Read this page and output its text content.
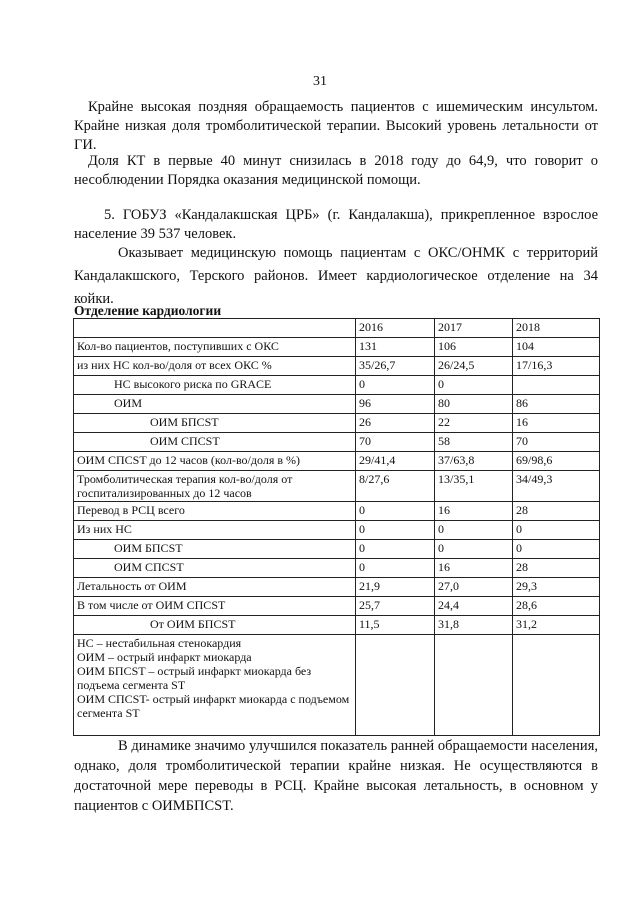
31

Крайне высокая поздняя обращаемость пациентов с ишемическим инсультом. Крайне низкая доля тромболитической терапии. Высокий уровень летальности от ГИ.

Доля КТ в первые 40 минут снизилась в 2018 году до 64,9, что говорит о несоблюдении Порядка оказания медицинской помощи.

5. ГОБУЗ «Кандалакшская ЦРБ» (г. Кандалакша), прикрепленное взрослое население 39 537 человек.

Оказывает медицинскую помощь пациентам с ОКС/ОНМК с территорий Кандалакшского, Терского районов. Имеет кардиологическое отделение на 34 койки.

Отделение кардиологии

	2016	2017	2018
Кол-во пациентов, поступивших с ОКС	131	106	104
из них НС кол-во/доля от всех ОКС %	35/26,7	26/24,5	17/16,3
НС высокого риска по GRACE	0	0	
ОИМ	96	80	86
ОИМ БПСST	26	22	16
ОИМ СПСST	70	58	70
ОИМ СПСST до 12 часов (кол-во/доля в %)	29/41,4	37/63,8	69/98,6
Тромболитическая терапия кол-во/доля от госпитализированных до 12 часов	8/27,6	13/35,1	34/49,3
Перевод в РСЦ всего	0	16	28
Из них НС	0	0	0
ОИМ БПСST	0	0	0
ОИМ СПСST	0	16	28
Летальность от ОИМ	21,9	27,0	29,3
В том числе от ОИМ СПСST	25,7	24,4	28,6
От ОИМ БПСST	11,5	31,8	31,2

НС – нестабильная стенокардия
ОИМ – острый инфаркт миокарда
ОИМ БПСST – острый инфаркт миокарда без подъема сегмента ST
ОИМ СПСST- острый инфаркт миокарда с подъемом сегмента ST			

В динамике значимо улучшился показатель ранней обращаемости населения, однако, доля тромболитической терапии крайне низкая. Не осуществляются в достаточной мере переводы в РСЦ. Крайне высокая летальность, в основном у пациентов с ОИМБПСST.
